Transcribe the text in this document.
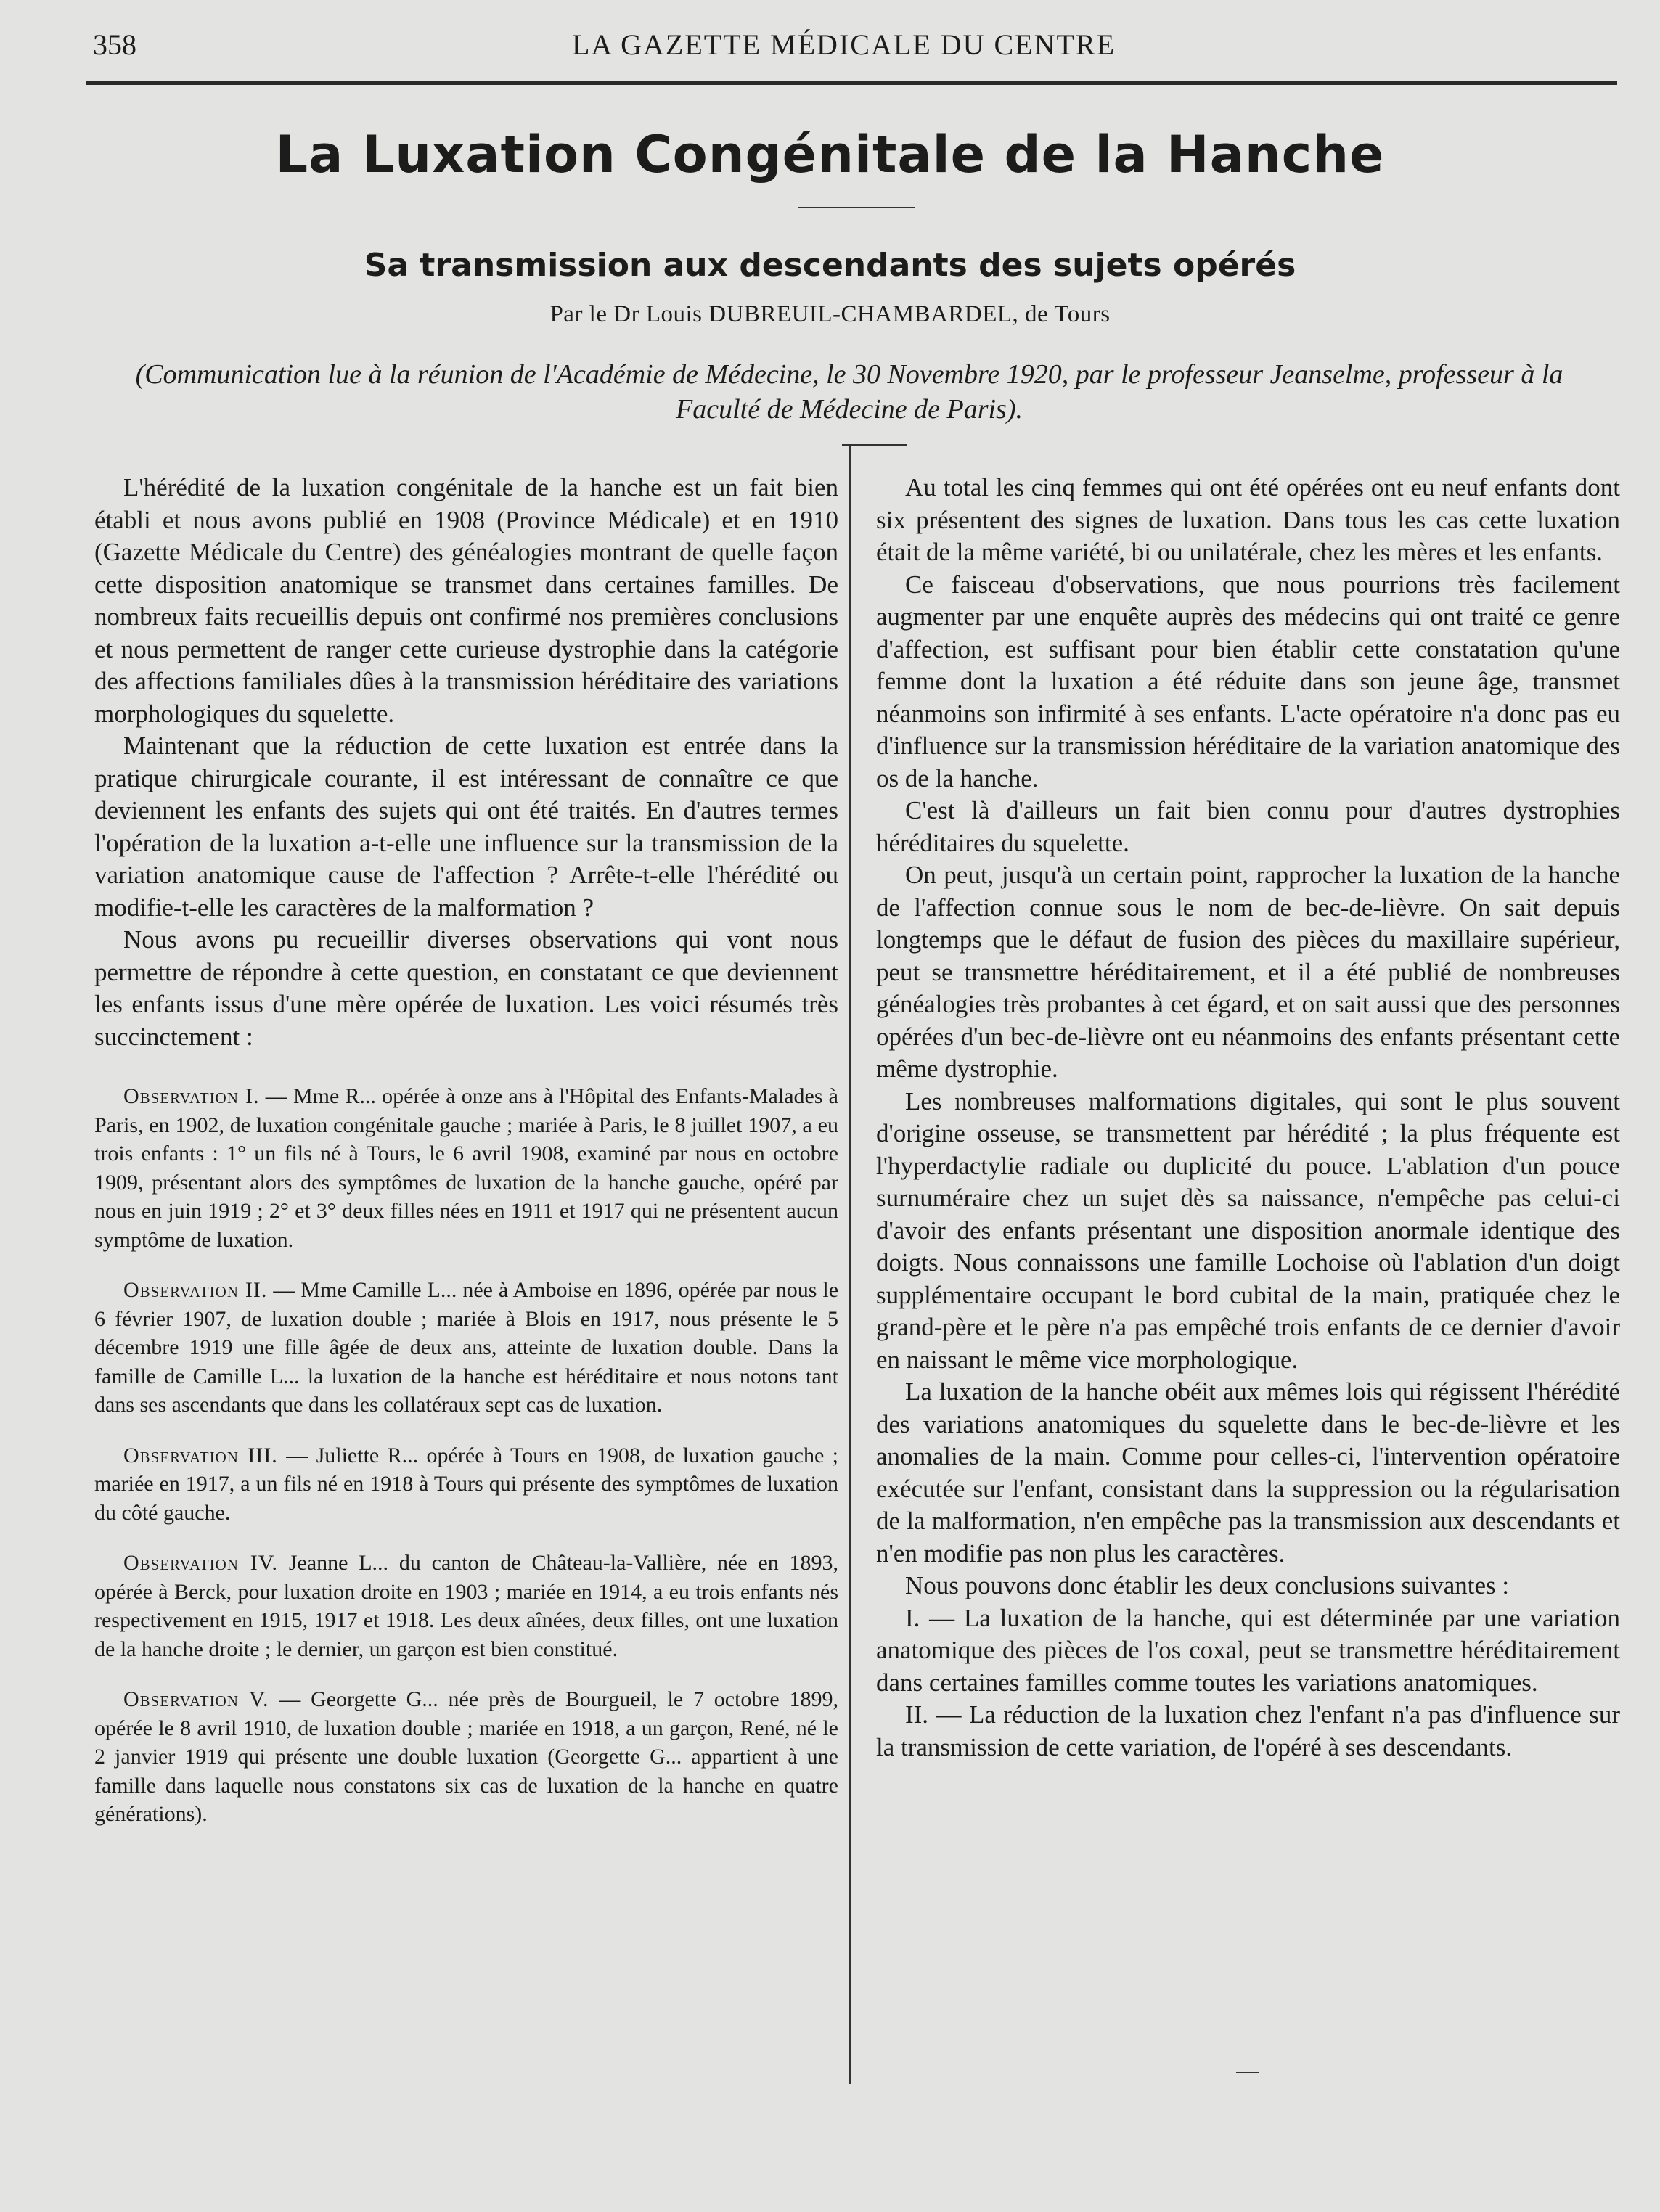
358	LA GAZETTE MÉDICALE DU CENTRE
La Luxation Congénitale de la Hanche
Sa transmission aux descendants des sujets opérés
Par le Dr Louis DUBREUIL-CHAMBARDEL, de Tours
(Communication lue à la réunion de l'Académie de Médecine, le 30 Novembre 1920, par le professeur Jeanselme, professeur à la Faculté de Médecine de Paris).

L'hérédité de la luxation congénitale de la hanche est un fait bien établi et nous avons publié en 1908 (Province Médicale) et en 1910 (Gazette Médicale du Centre) des généalogies montrant de quelle façon cette disposition anatomique se transmet dans certaines familles. De nombreux faits recueillis depuis ont confirmé nos premières conclusions et nous permettent de ranger cette curieuse dystrophie dans la catégorie des affections familiales dûes à la transmission héréditaire des variations morphologiques du squelette.

Maintenant que la réduction de cette luxation est entrée dans la pratique chirurgicale courante, il est intéressant de connaître ce que deviennent les enfants des sujets qui ont été traités. En d'autres termes l'opération de la luxation a-t-elle une influence sur la transmission de la variation anatomique cause de l'affection ? Arrête-t-elle l'hérédité ou modifie-t-elle les caractères de la malformation ?

Nous avons pu recueillir diverses observations qui vont nous permettre de répondre à cette question, en constatant ce que deviennent les enfants issus d'une mère opérée de luxation. Les voici résumés très succinctement :

Observation I. — Mme R... opérée à onze ans à l'Hôpital des Enfants-Malades à Paris, en 1902, de luxation congénitale gauche ; mariée à Paris, le 8 juillet 1907, a eu trois enfants : 1° un fils né à Tours, le 6 avril 1908, examiné par nous en octobre 1909, présentant alors des symptômes de luxation de la hanche gauche, opéré par nous en juin 1919 ; 2° et 3° deux filles nées en 1911 et 1917 qui ne présentent aucun symptôme de luxation.

Observation II. — Mme Camille L... née à Amboise en 1896, opérée par nous le 6 février 1907, de luxation double ; mariée à Blois en 1917, nous présente le 5 décembre 1919 une fille âgée de deux ans, atteinte de luxation double. Dans la famille de Camille L... la luxation de la hanche est héréditaire et nous notons tant dans ses ascendants que dans les collatéraux sept cas de luxation.

Observation III. — Juliette R... opérée à Tours en 1908, de luxation gauche ; mariée en 1917, a un fils né en 1918 à Tours qui présente des symptômes de luxation du côté gauche.

Observation IV. Jeanne L... du canton de Château-la-Vallière, née en 1893, opérée à Berck, pour luxation droite en 1903 ; mariée en 1914, a eu trois enfants nés respectivement en 1915, 1917 et 1918. Les deux aînées, deux filles, ont une luxation de la hanche droite ; le dernier, un garçon est bien constitué.

Observation V. — Georgette G... née près de Bourgueil, le 7 octobre 1899, opérée le 8 avril 1910, de luxation double ; mariée en 1918, a un garçon, René, né le 2 janvier 1919 qui présente une double luxation (Georgette G... appartient à une famille dans laquelle nous constatons six cas de luxation de la hanche en quatre générations).

Au total les cinq femmes qui ont été opérées ont eu neuf enfants dont six présentent des signes de luxation. Dans tous les cas cette luxation était de la même variété, bi ou unilatérale, chez les mères et les enfants.

Ce faisceau d'observations, que nous pourrions très facilement augmenter par une enquête auprès des médecins qui ont traité ce genre d'affection, est suffisant pour bien établir cette constatation qu'une femme dont la luxation a été réduite dans son jeune âge, transmet néanmoins son infirmité à ses enfants. L'acte opératoire n'a donc pas eu d'influence sur la transmission héréditaire de la variation anatomique des os de la hanche.

C'est là d'ailleurs un fait bien connu pour d'autres dystrophies héréditaires du squelette.

On peut, jusqu'à un certain point, rapprocher la luxation de la hanche de l'affection connue sous le nom de bec-de-lièvre. On sait depuis longtemps que le défaut de fusion des pièces du maxillaire supérieur, peut se transmettre héréditairement, et il a été publié de nombreuses généalogies très probantes à cet égard, et on sait aussi que des personnes opérées d'un bec-de-lièvre ont eu néanmoins des enfants présentant cette même dystrophie.

Les nombreuses malformations digitales, qui sont le plus souvent d'origine osseuse, se transmettent par hérédité ; la plus fréquente est l'hyperdactylie radiale ou duplicité du pouce. L'ablation d'un pouce surnuméraire chez un sujet dès sa naissance, n'empêche pas celui-ci d'avoir des enfants présentant une disposition anormale identique des doigts. Nous connaissons une famille Lochoise où l'ablation d'un doigt supplémentaire occupant le bord cubital de la main, pratiquée chez le grand-père et le père n'a pas empêché trois enfants de ce dernier d'avoir en naissant le même vice morphologique.

La luxation de la hanche obéit aux mêmes lois qui régissent l'hérédité des variations anatomiques du squelette dans le bec-de-lièvre et les anomalies de la main. Comme pour celles-ci, l'intervention opératoire exécutée sur l'enfant, consistant dans la suppression ou la régularisation de la malformation, n'en empêche pas la transmission aux descendants et n'en modifie pas non plus les caractères.

Nous pouvons donc établir les deux conclusions suivantes :

I. — La luxation de la hanche, qui est déterminée par une variation anatomique des pièces de l'os coxal, peut se transmettre héréditairement dans certaines familles comme toutes les variations anatomiques.

II. — La réduction de la luxation chez l'enfant n'a pas d'influence sur la transmission de cette variation, de l'opéré à ses descendants.
